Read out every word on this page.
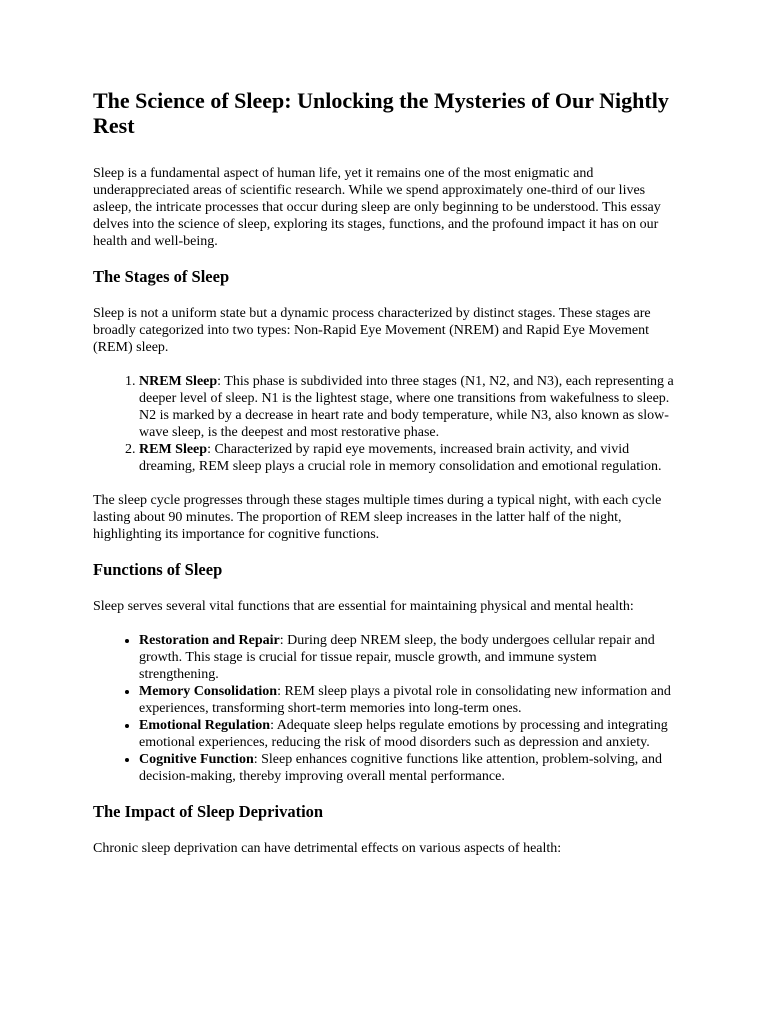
The Science of Sleep: Unlocking the Mysteries of Our Nightly Rest

Sleep is a fundamental aspect of human life, yet it remains one of the most enigmatic and underappreciated areas of scientific research. While we spend approximately one-third of our lives asleep, the intricate processes that occur during sleep are only beginning to be understood. This essay delves into the science of sleep, exploring its stages, functions, and the profound impact it has on our health and well-being.

The Stages of Sleep

Sleep is not a uniform state but a dynamic process characterized by distinct stages. These stages are broadly categorized into two types: Non-Rapid Eye Movement (NREM) and Rapid Eye Movement (REM) sleep.

1. NREM Sleep: This phase is subdivided into three stages (N1, N2, and N3), each representing a deeper level of sleep. N1 is the lightest stage, where one transitions from wakefulness to sleep. N2 is marked by a decrease in heart rate and body temperature, while N3, also known as slow-wave sleep, is the deepest and most restorative phase.
2. REM Sleep: Characterized by rapid eye movements, increased brain activity, and vivid dreaming, REM sleep plays a crucial role in memory consolidation and emotional regulation.

The sleep cycle progresses through these stages multiple times during a typical night, with each cycle lasting about 90 minutes. The proportion of REM sleep increases in the latter half of the night, highlighting its importance for cognitive functions.

Functions of Sleep

Sleep serves several vital functions that are essential for maintaining physical and mental health:

• Restoration and Repair: During deep NREM sleep, the body undergoes cellular repair and growth. This stage is crucial for tissue repair, muscle growth, and immune system strengthening.
• Memory Consolidation: REM sleep plays a pivotal role in consolidating new information and experiences, transforming short-term memories into long-term ones.
• Emotional Regulation: Adequate sleep helps regulate emotions by processing and integrating emotional experiences, reducing the risk of mood disorders such as depression and anxiety.
• Cognitive Function: Sleep enhances cognitive functions like attention, problem-solving, and decision-making, thereby improving overall mental performance.
The Impact of Sleep Deprivation

Chronic sleep deprivation can have detrimental effects on various aspects of health:
